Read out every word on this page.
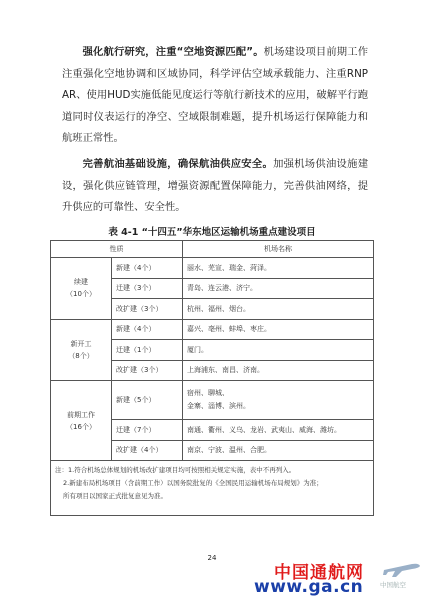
强化航行研究，注重“空地资源匹配”。机场建设项目前期工作注重强化空地协调和区域协同，科学评估空域承载能力、注重RNP AR、使用HUD实施低能见度运行等航行新技术的应用，破解平行跑道同时仪表运行的净空、空域限制难题，提升机场运行保障能力和航班正常性。

完善航油基础设施，确保航油供应安全。加强机场供油设施建设，强化供应链管理，增强资源配置保障能力，完善供油网络，提升供应的可靠性、安全性。

表 4-1 “十四五”华东地区运输机场重点建设项目
性质		机场名称
续建
（10个）	新建（4个）	丽水、芜宣、瑞金、菏泽。
	迁建（3个）	青岛、连云港、济宁。
	改扩建（3个）	杭州、福州、烟台。
新开工
（8个）	新建（4个）	嘉兴、亳州、蚌埠、枣庄。
	迁建（1个）	厦门。
	改扩建（3个）	上海浦东、南昌、济南。
前期工作
（16个）	新建（5个）	宿州、聊城、
金寨、淄博、滨州。
	迁建（7个）	南通、衢州、义乌、龙岩、武夷山、威海、潍坊。
	改扩建（4个）	南京、宁波、温州、合肥。
注：1.符合机场总体规划的机场改扩建项目均可按照相关规定实施，表中不再列入。

2.新建布局机场项目（含前期工作）以国务院批复的《全国民用运输机场布局规划》为准；
所有项目以国家正式批复意见为准。		
24
中国通航网
www.ga.cn	中国航空
